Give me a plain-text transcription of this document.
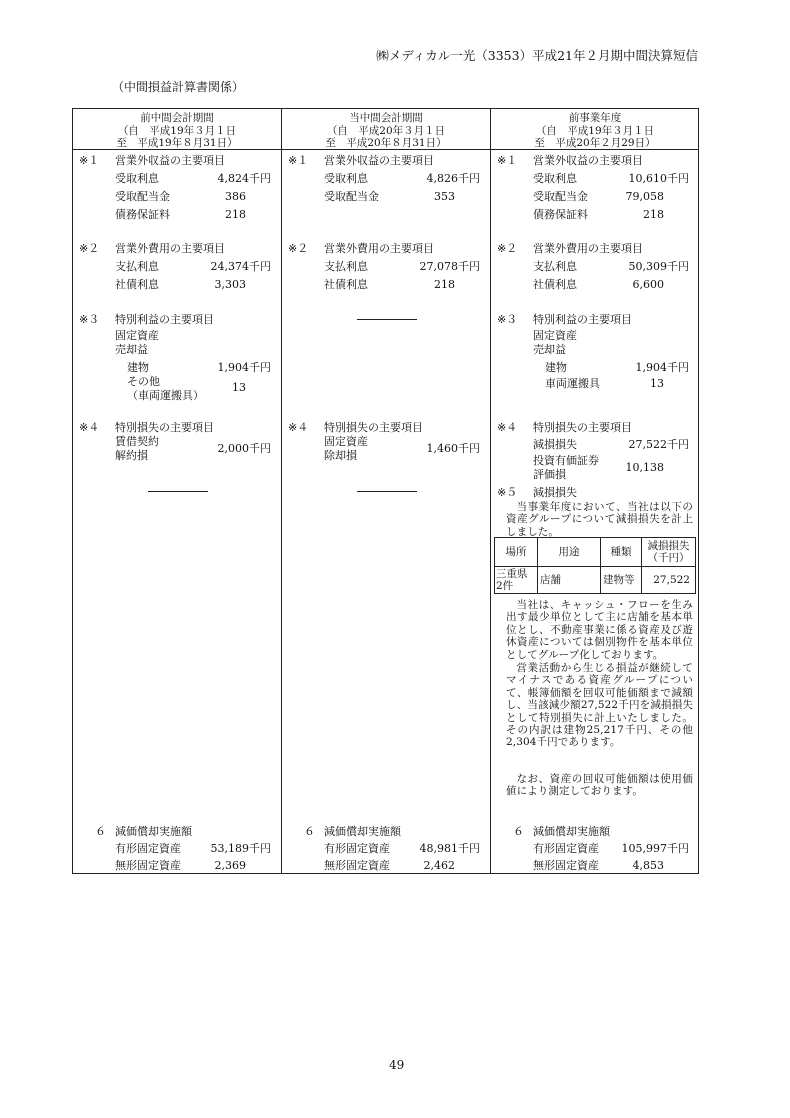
㈱メディカル一光（3353）平成21年２月期中間決算短信
（中間損益計算書関係）
前中間会計期間
（自　平成19年３月１日
至　平成19年８月31日）
当中間会計期間
（自　平成20年３月１日
至　平成20年８月31日）
前事業年度
（自　平成19年３月１日
至　平成20年２月29日）
※１ 営業外収益の主要項目
受取利息	4,824千円
受取配当金	386
債務保証料	218
※２ 営業外費用の主要項目
支払利息	24,374千円
社債利息	3,303
※３ 特別利益の主要項目
固定資産
売却益
建物	1,904千円
その他
（車両運搬具）
13
※４ 特別損失の主要項目
賃借契約
解約損
2,000千円
６ 減価償却実施額
有形固定資産	53,189千円
無形固定資産	2,369
※１ 営業外収益の主要項目
受取利息	4,826千円
受取配当金	353
※２ 営業外費用の主要項目
支払利息	27,078千円
社債利息	218
※４ 特別損失の主要項目
固定資産
除却損
1,460千円
６ 減価償却実施額
有形固定資産	48,981千円
無形固定資産	2,462
※１ 営業外収益の主要項目
受取利息	10,610千円
受取配当金	79,058
債務保証料	218
※２ 営業外費用の主要項目
支払利息	50,309千円
社債利息	6,600
※３ 特別利益の主要項目
固定資産
売却益
建物	1,904千円
車両運搬具	13
※４ 特別損失の主要項目
減損損失	27,522千円
投資有価証券
評価損
10,138
※５ 減損損失
当事業年度において、当社は以下の資産グループについて減損損失を計上しました。
場所	用途	種類	減損損失
（千円）

三重県
2件	店舗	建物等	27,522
当社は、キャッシュ・フローを生み出す最少単位として主に店舗を基本単位とし、不動産事業に係る資産及び遊休資産については個別物件を基本単位としてグループ化しております。
営業活動から生じる損益が継続してマイナスである資産グループについて、帳簿価額を回収可能価額まで減額し、当該減少額27,522千円を減損損失として特別損失に計上いたしました。その内訳は建物25,217千円、その他2,304千円であります。
なお、資産の回収可能価額は使用価値により測定しております。
６ 減価償却実施額
有形固定資産 105,997千円
無形固定資産	4,853
49
